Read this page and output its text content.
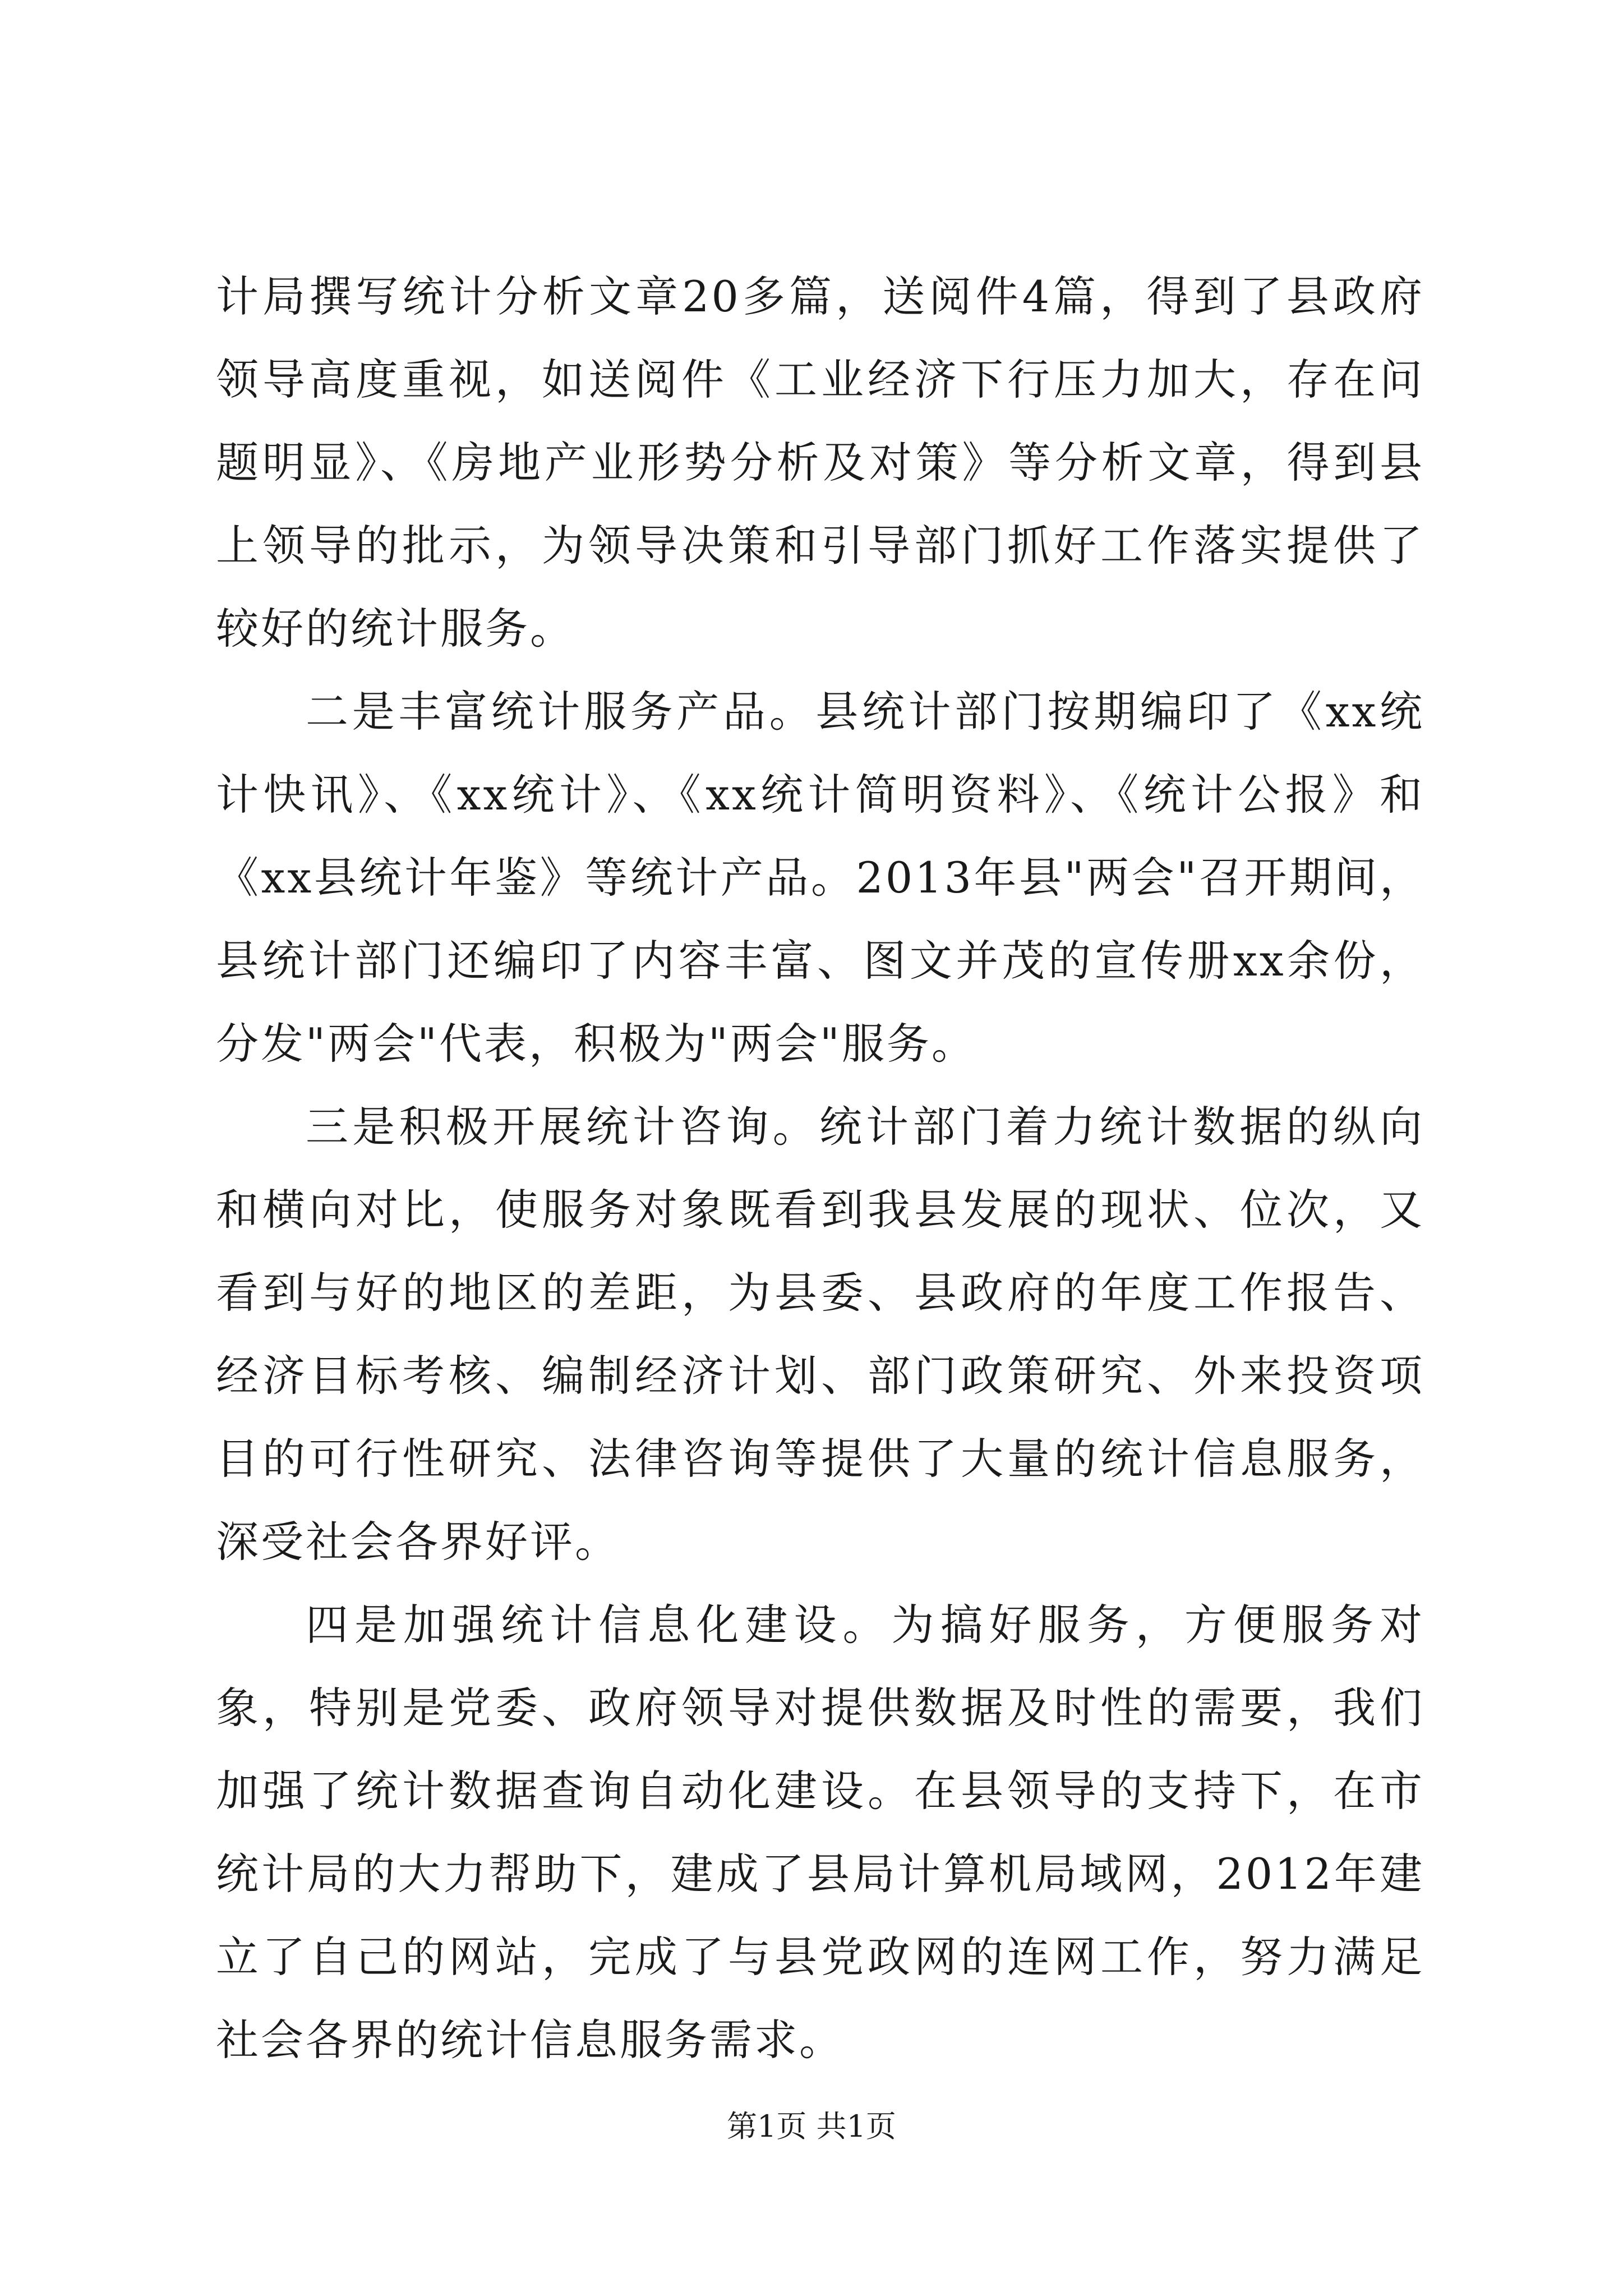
计局撰写统计分析文章20多篇，送阅件4篇，得到了县政府领导高度重视，如送阅件《工业经济下行压力加大，存在问题明显》、《房地产业形势分析及对策》等分析文章，得到县上领导的批示，为领导决策和引导部门抓好工作落实提供了较好的统计服务。

二是丰富统计服务产品。县统计部门按期编印了《xx统计快讯》、《xx统计》、《xx统计简明资料》、《统计公报》和《xx县统计年鉴》等统计产品。2013年县"两会"召开期间，县统计部门还编印了内容丰富、图文并茂的宣传册xx余份，分发"两会"代表，积极为"两会"服务。

三是积极开展统计咨询。统计部门着力统计数据的纵向和横向对比，使服务对象既看到我县发展的现状、位次，又看到与好的地区的差距，为县委、县政府的年度工作报告、经济目标考核、编制经济计划、部门政策研究、外来投资项目的可行性研究、法律咨询等提供了大量的统计信息服务，深受社会各界好评。

四是加强统计信息化建设。为搞好服务，方便服务对象，特别是党委、政府领导对提供数据及时性的需要，我们加强了统计数据查询自动化建设。在县领导的支持下，在市统计局的大力帮助下，建成了县局计算机局域网，2012年建立了自己的网站，完成了与县党政网的连网工作，努力满足社会各界的统计信息服务需求。

第1页 共1页
